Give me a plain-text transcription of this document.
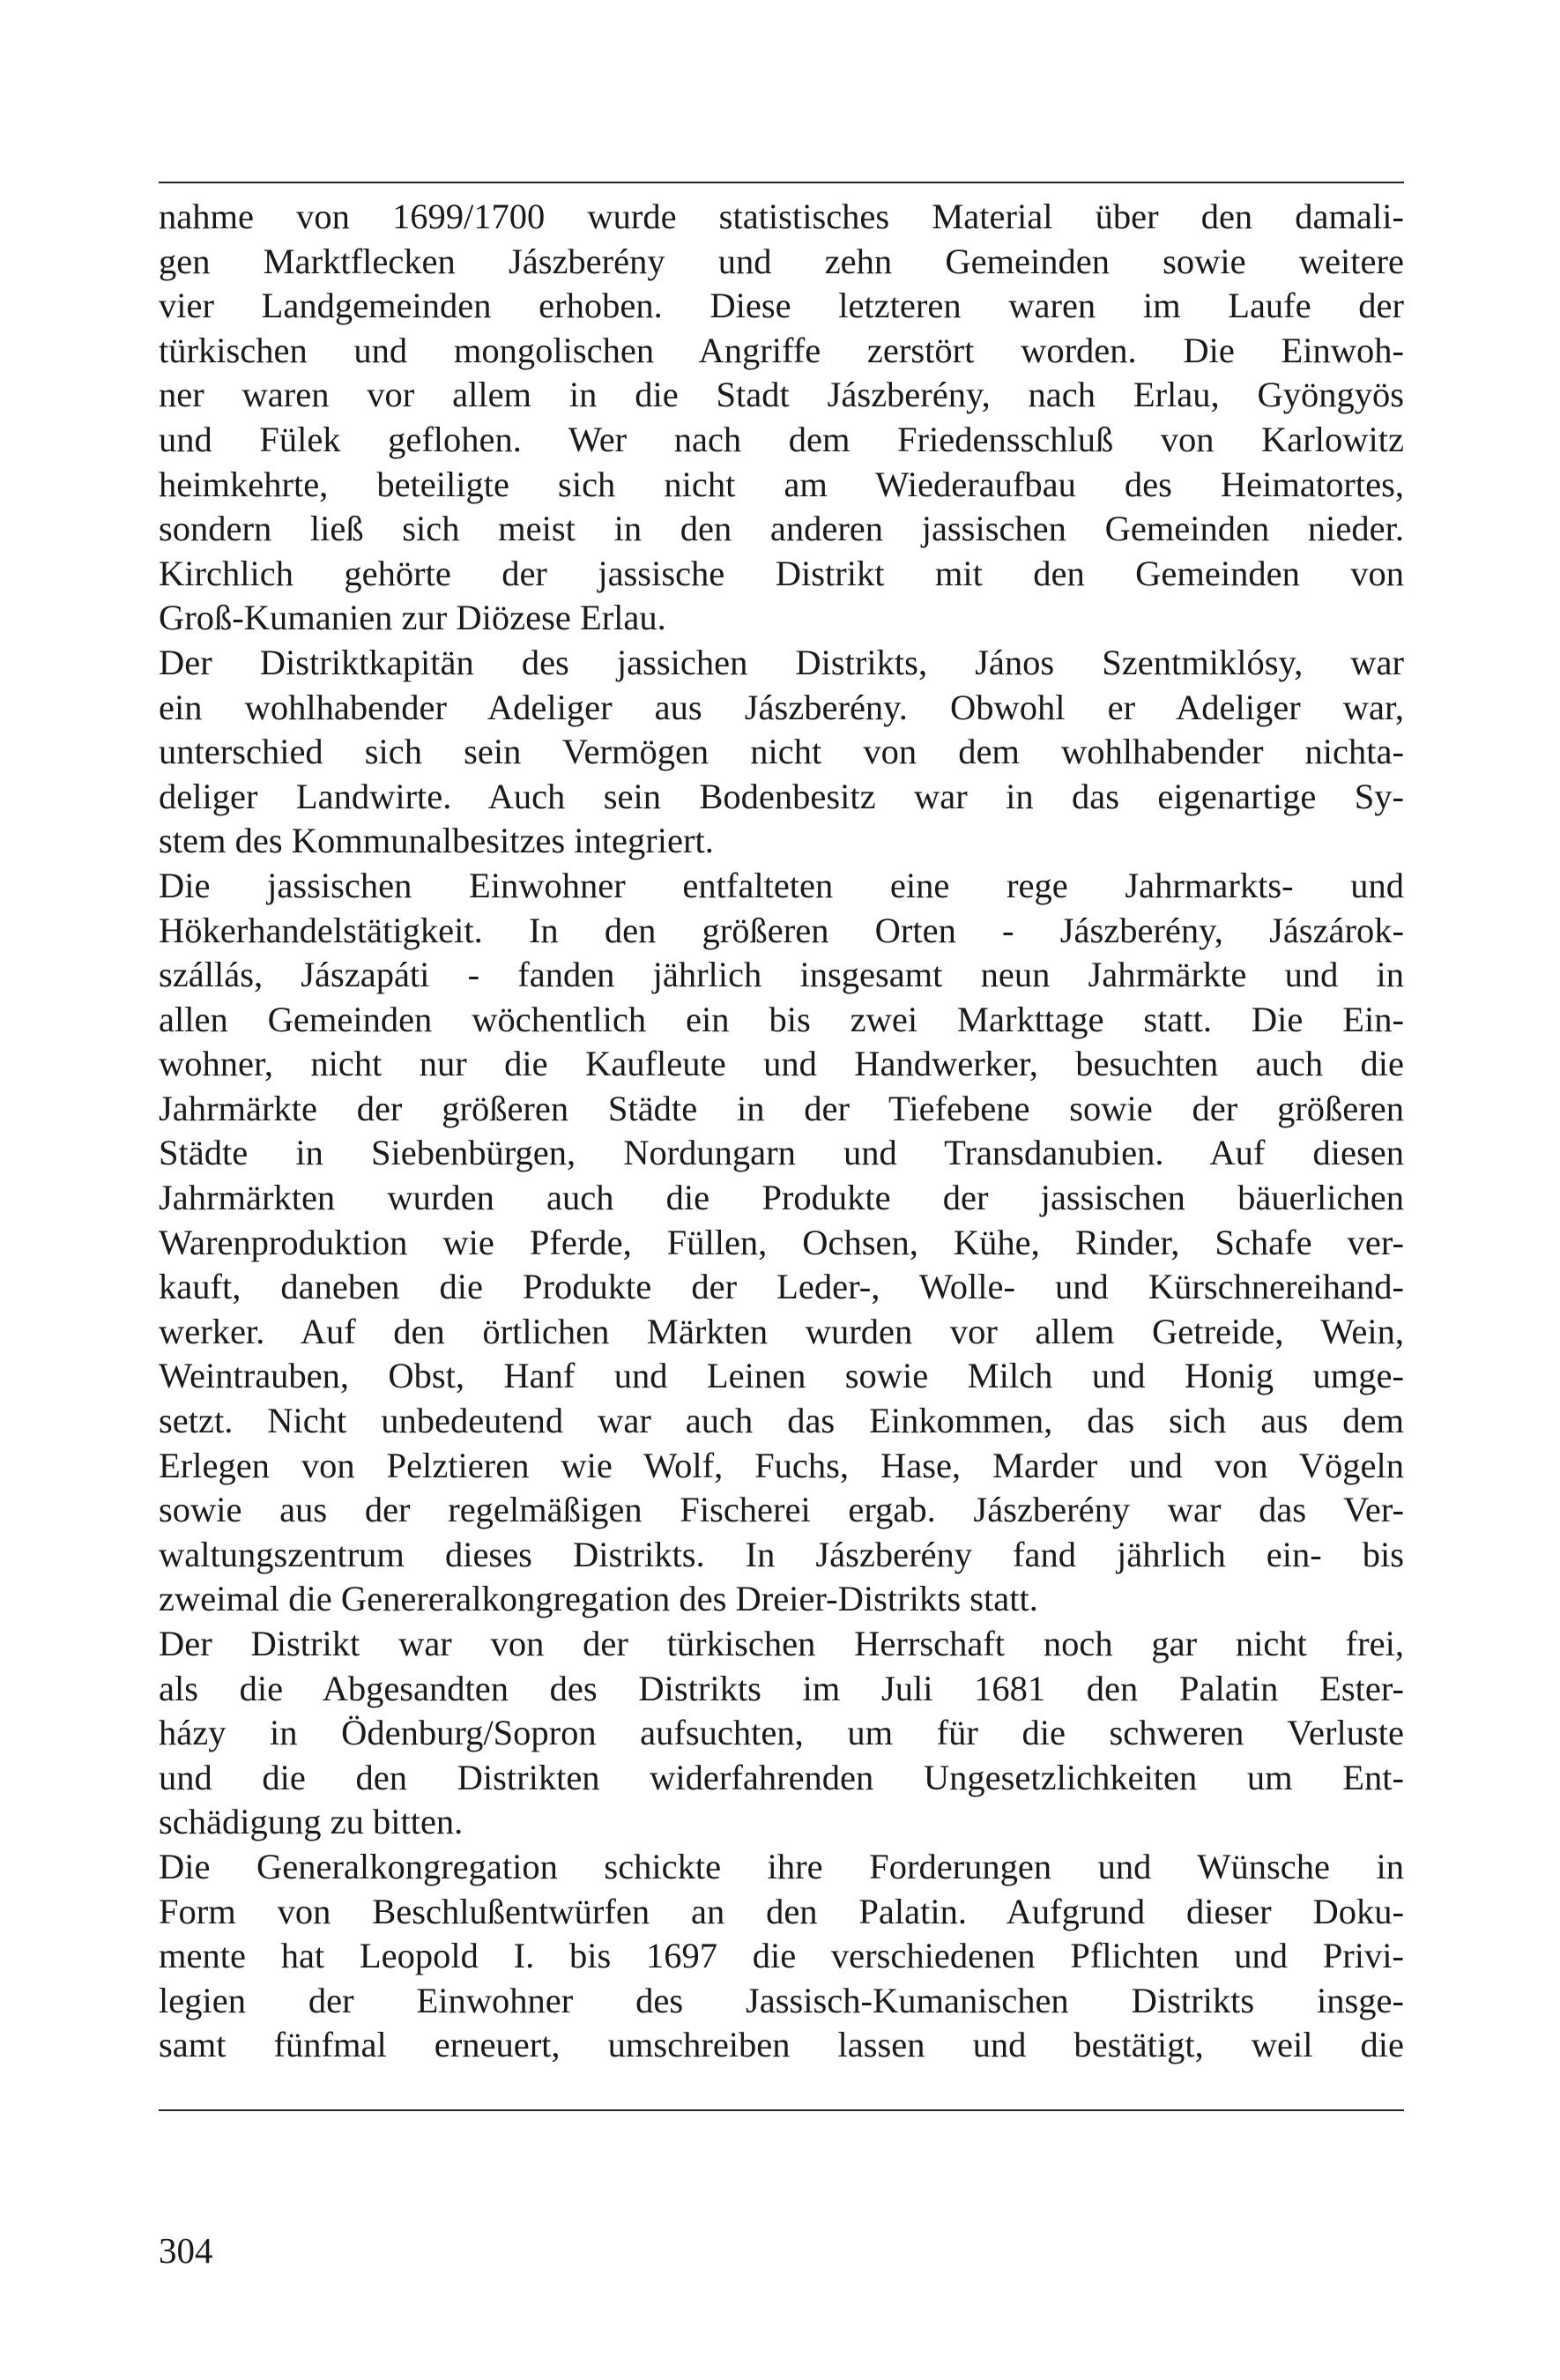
nahme von 1699/1700 wurde statistisches Material über den damali-
gen Marktflecken Jászberény und zehn Gemeinden sowie weitere
vier Landgemeinden erhoben. Diese letzteren waren im Laufe der
türkischen und mongolischen Angriffe zerstört worden. Die Einwoh-
ner waren vor allem in die Stadt Jászberény, nach Erlau, Gyöngyös
und Fülek geflohen. Wer nach dem Friedensschluß von Karlowitz
heimkehrte, beteiligte sich nicht am Wiederaufbau des Heimatortes,
sondern ließ sich meist in den anderen jassischen Gemeinden nieder.
Kirchlich gehörte der jassische Distrikt mit den Gemeinden von
Groß-Kumanien zur Diözese Erlau.
Der Distriktkapitän des jassichen Distrikts, János Szentmiklósy, war
ein wohlhabender Adeliger aus Jászberény. Obwohl er Adeliger war,
unterschied sich sein Vermögen nicht von dem wohlhabender nichta-
deliger Landwirte. Auch sein Bodenbesitz war in das eigenartige Sy-
stem des Kommunalbesitzes integriert.
Die jassischen Einwohner entfalteten eine rege Jahrmarkts- und
Hökerhandelstätigkeit. In den größeren Orten - Jászberény, Jászárok-
szállás, Jászapáti - fanden jährlich insgesamt neun Jahrmärkte und in
allen Gemeinden wöchentlich ein bis zwei Markttage statt. Die Ein-
wohner, nicht nur die Kaufleute und Handwerker, besuchten auch die
Jahrmärkte der größeren Städte in der Tiefebene sowie der größeren
Städte in Siebenbürgen, Nordungarn und Transdanubien. Auf diesen
Jahrmärkten wurden auch die Produkte der jassischen bäuerlichen
Warenproduktion wie Pferde, Füllen, Ochsen, Kühe, Rinder, Schafe ver-
kauft, daneben die Produkte der Leder-, Wolle- und Kürschnereihand-
werker. Auf den örtlichen Märkten wurden vor allem Getreide, Wein,
Weintrauben, Obst, Hanf und Leinen sowie Milch und Honig umge-
setzt. Nicht unbedeutend war auch das Einkommen, das sich aus dem
Erlegen von Pelztieren wie Wolf, Fuchs, Hase, Marder und von Vögeln
sowie aus der regelmäßigen Fischerei ergab. Jászberény war das Ver-
waltungszentrum dieses Distrikts. In Jászberény fand jährlich ein- bis
zweimal die Genereralkongregation des Dreier-Distrikts statt.
Der Distrikt war von der türkischen Herrschaft noch gar nicht frei,
als die Abgesandten des Distrikts im Juli 1681 den Palatin Ester-
házy in Ödenburg/Sopron aufsuchten, um für die schweren Verluste
und die den Distrikten widerfahrenden Ungesetzlichkeiten um Ent-
schädigung zu bitten.
Die Generalkongregation schickte ihre Forderungen und Wünsche in
Form von Beschlußentwürfen an den Palatin. Aufgrund dieser Doku-
mente hat Leopold I. bis 1697 die verschiedenen Pflichten und Privi-
legien der Einwohner des Jassisch-Kumanischen Distrikts insge-
samt fünfmal erneuert, umschreiben lassen und bestätigt, weil die
304
